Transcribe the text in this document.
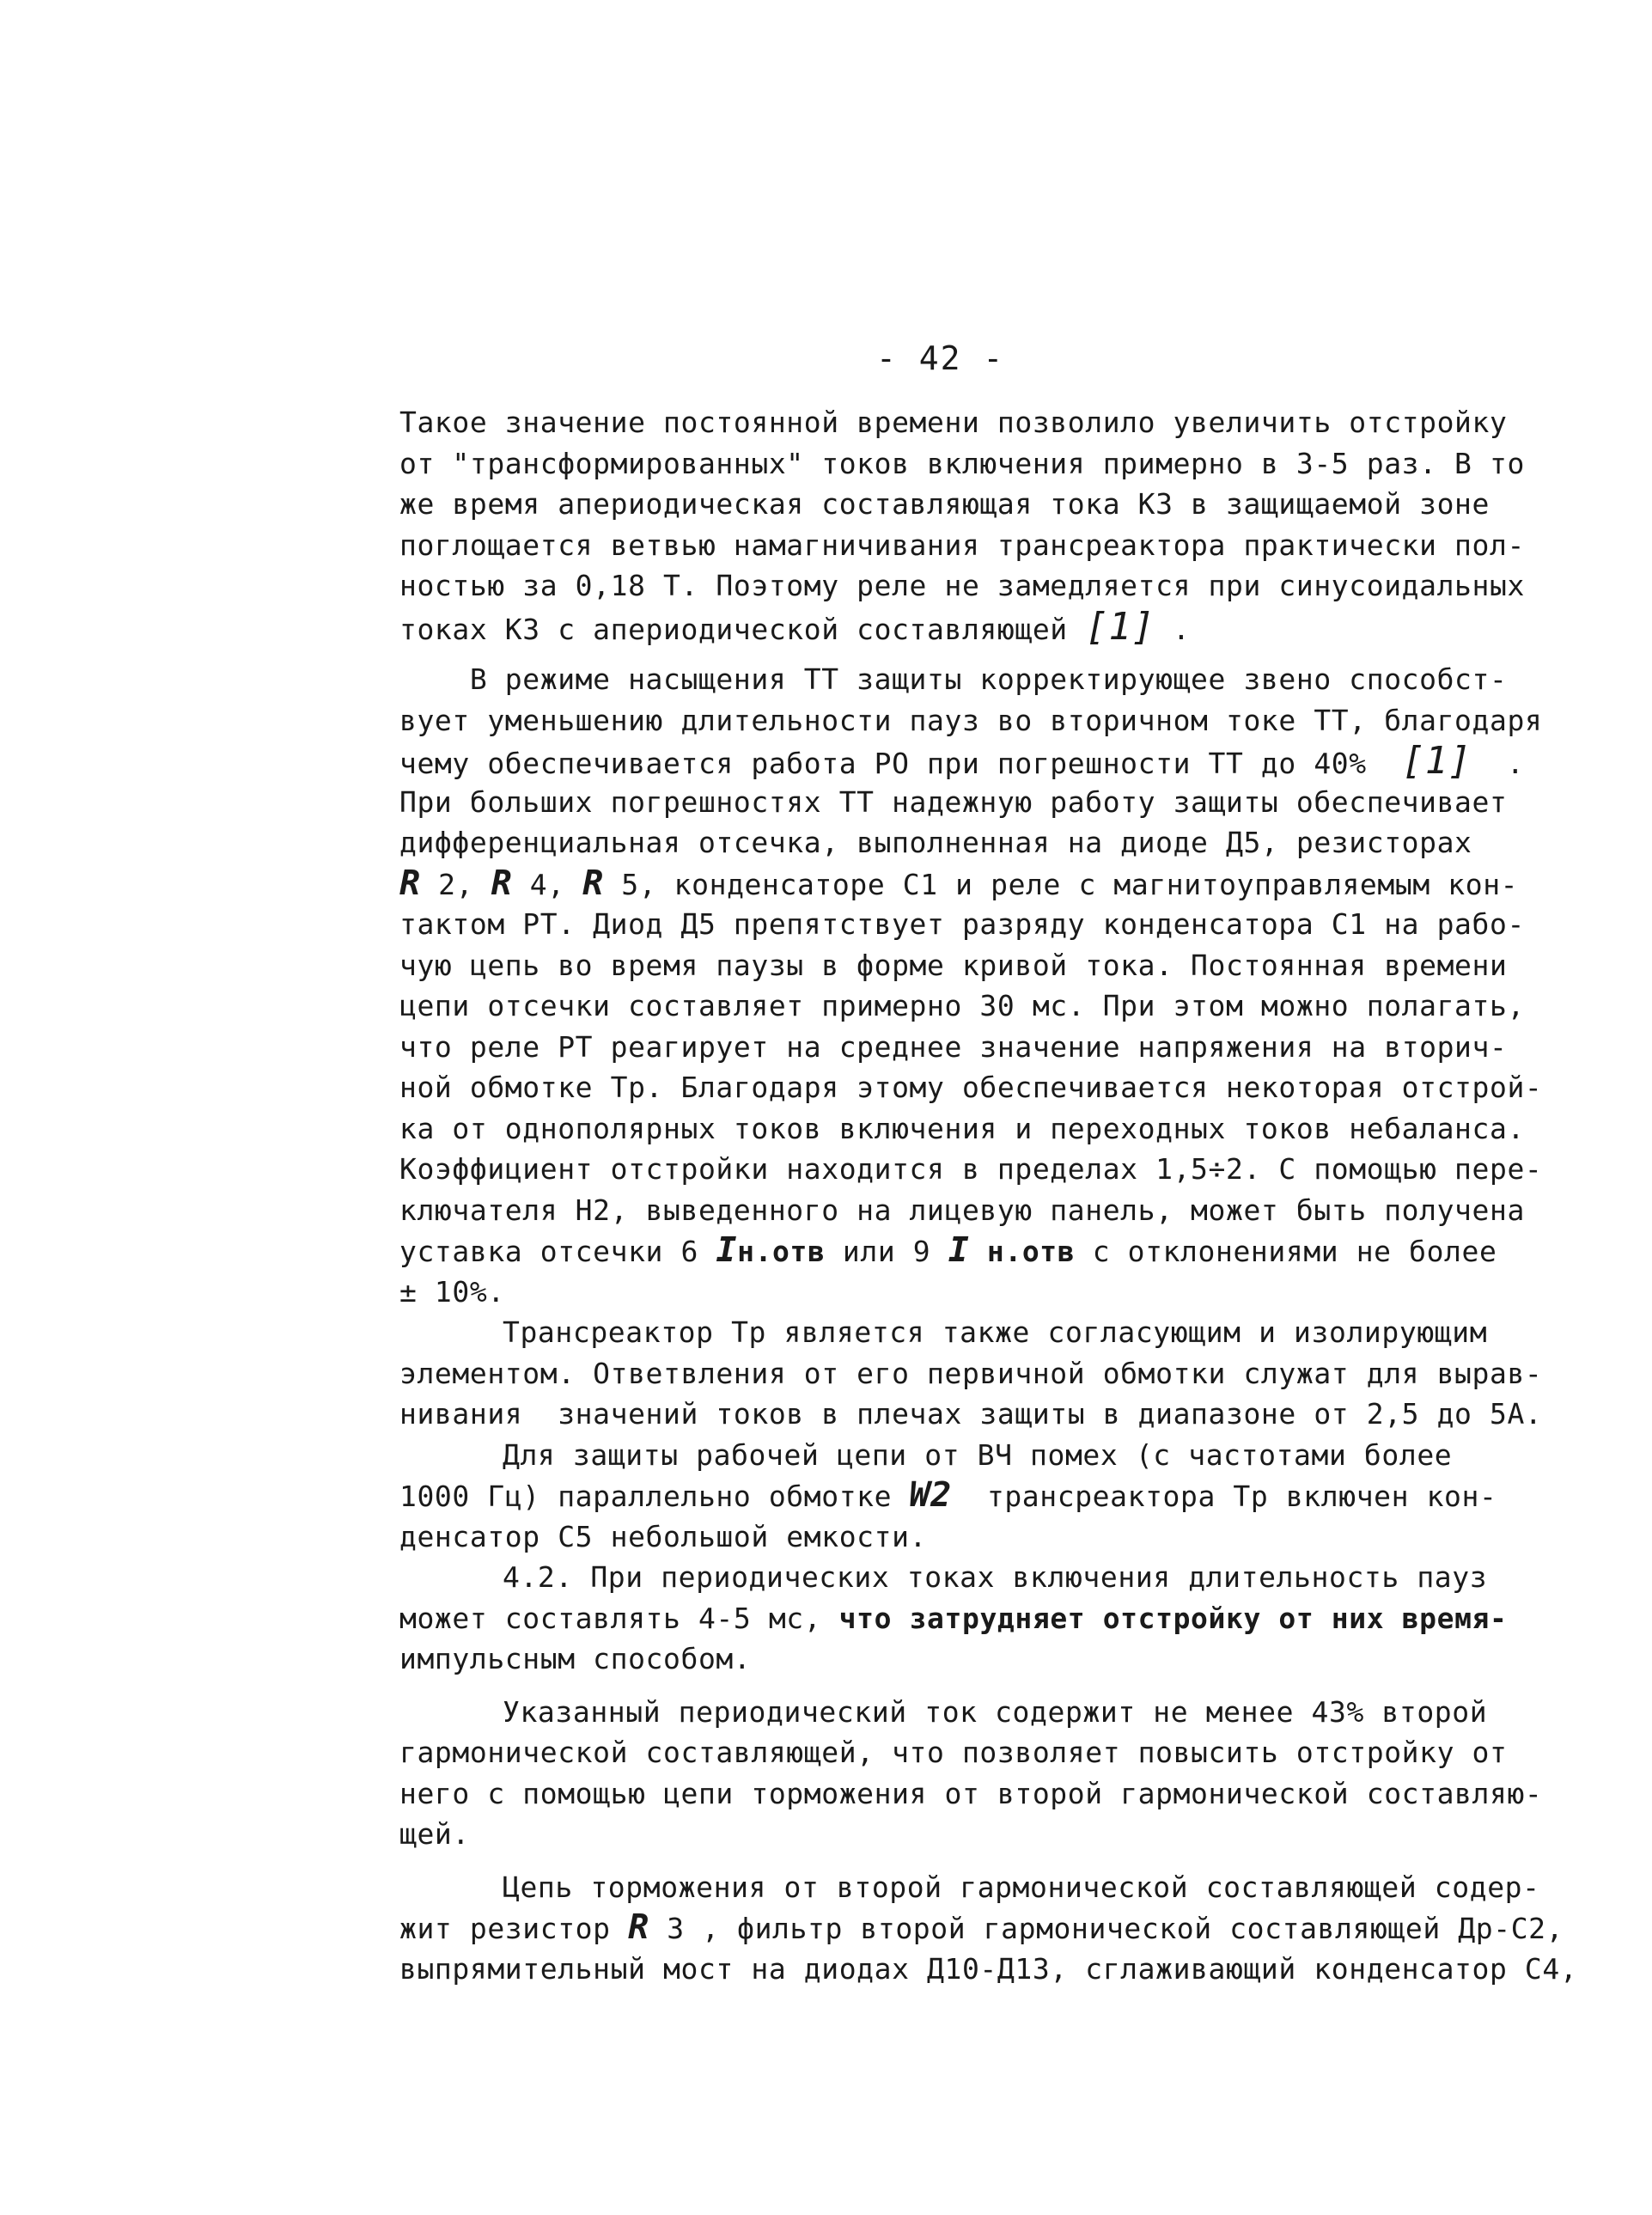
- 42 -
Такое значение постоянной времени позволило увеличить отстройку
от "трансформированных" токов включения примерно в 3-5 раз. В то
же время апериодическая составляющая тока КЗ в защищаемой зоне
поглощается ветвью намагничивания трансреактора практически пол-
ностью за 0,18 Т. Поэтому реле не замедляется при синусоидальных
токах КЗ с апериодической составляющей [1] .
В режиме насыщения ТТ защиты корректирующее звено способст-
вует уменьшению длительности пауз во вторичном токе ТТ, благодаря
чему обеспечивается работа РО при погрешности ТТ до 40%  [1]  .
При больших погрешностях ТТ надежную работу защиты обеспечивает
дифференциальная отсечка, выполненная на диоде Д5, резисторах
R 2, R 4, R 5, конденсаторе С1 и реле с магнитоуправляемым кон-
тактом РТ. Диод Д5 препятствует разряду конденсатора С1 на рабо-
чую цепь во время паузы в форме кривой тока. Постоянная времени
цепи отсечки составляет примерно 30 мс. При этом можно полагать,
что реле РТ реагирует на среднее значение напряжения на вторич-
ной обмотке Тр. Благодаря этому обеспечивается некоторая отстрой-
ка от однополярных токов включения и переходных токов небаланса.
Коэффициент отстройки находится в пределах 1,5÷2. С помощью пере-
ключателя Н2, выведенного на лицевую панель, может быть получена
уставка отсечки 6 Iн.отв или 9 I н.отв с отклонениями не более
± 10%.
Трансреактор Тр является также согласующим и изолирующим
элементом. Ответвления от его первичной обмотки служат для вырав-
нивания  значений токов в плечах защиты в диапазоне от 2,5 до 5А.
Для защиты рабочей цепи от ВЧ помех (с частотами более
1000 Гц) параллельно обмотке W2  трансреактора Тр включен кон-
денсатор С5 небольшой емкости.
4.2. При периодических токах включения длительность пауз
может составлять 4-5 мс, что затрудняет отстройку от них время-
импульсным способом.
Указанный периодический ток содержит не менее 43% второй
гармонической составляющей, что позволяет повысить отстройку от
него с помощью цепи торможения от второй гармонической составляю-
щей.
Цепь торможения от второй гармонической составляющей содер-
жит резистор R 3 , фильтр второй гармонической составляющей Др-С2,
выпрямительный мост на диодах Д10-Д13, сглаживающий конденсатор С4,
